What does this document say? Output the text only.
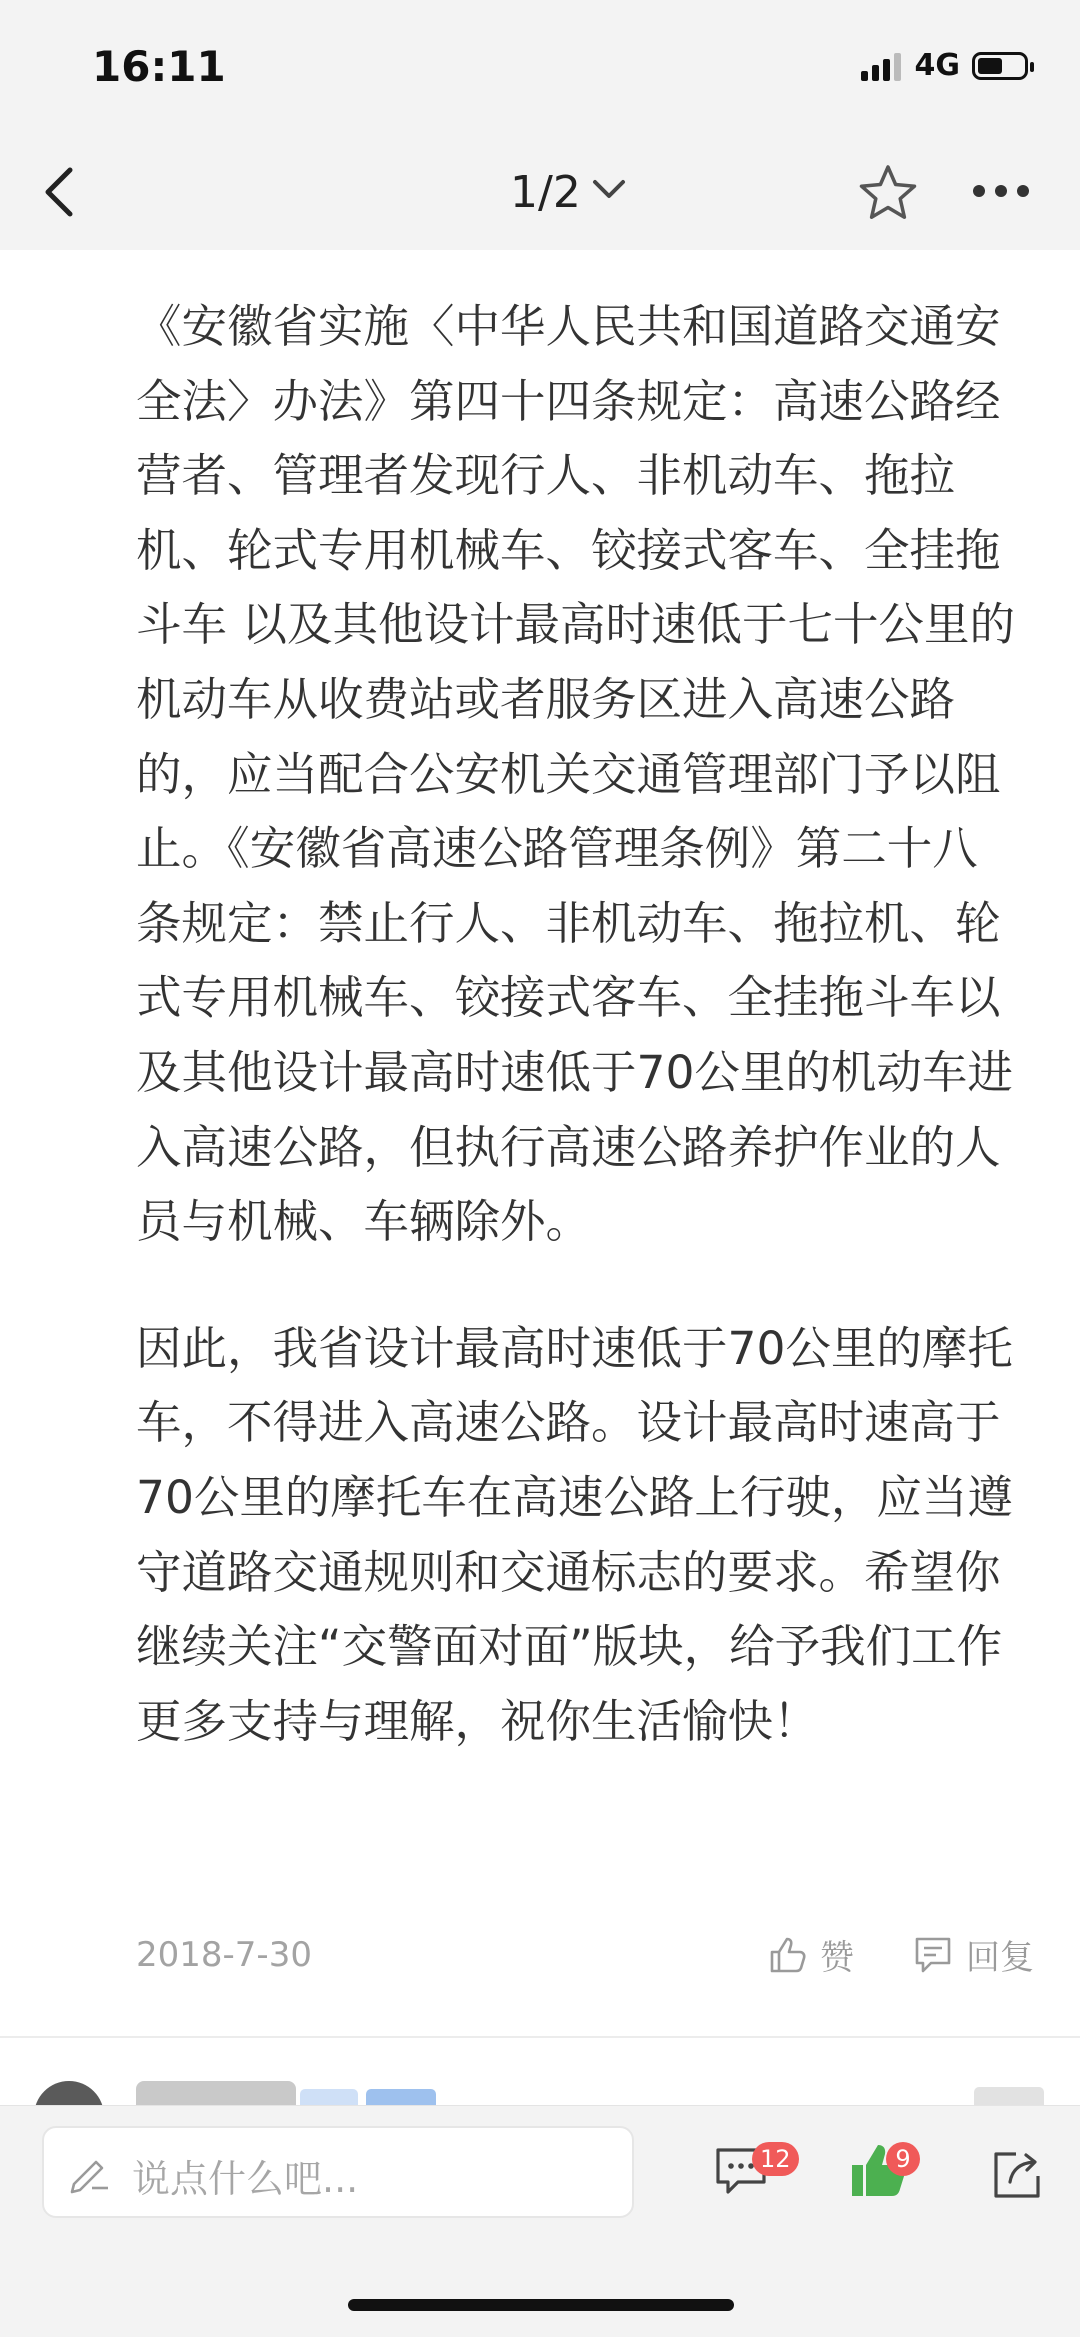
16:11	4G
1/2

《安徽省实施〈中华人民共和国道路交通安全法〉办法》第四十四条规定：高速公路经营者、管理者发现行人、非机动车、拖拉机、轮式专用机械车、铰接式客车、全挂拖斗车 以及其他设计最高时速低于七十公里的机动车从收费站或者服务区进入高速公路的，应当配合公安机关交通管理部门予以阻止。《安徽省高速公路管理条例》第二十八条规定：禁止行人、非机动车、拖拉机、轮式专用机械车、铰接式客车、全挂拖斗车以及其他设计最高时速低于70公里的机动车进入高速公路，但执行高速公路养护作业的人员与机械、车辆除外。

因此，我省设计最高时速低于70公里的摩托车，不得进入高速公路。设计最高时速高于70公里的摩托车在高速公路上行驶，应当遵守道路交通规则和交通标志的要求。希望你继续关注“交警面对面”版块，给予我们工作更多支持与理解，祝你生活愉快！

2018-7-30	赞	回复
说点什么吧...	12	9
